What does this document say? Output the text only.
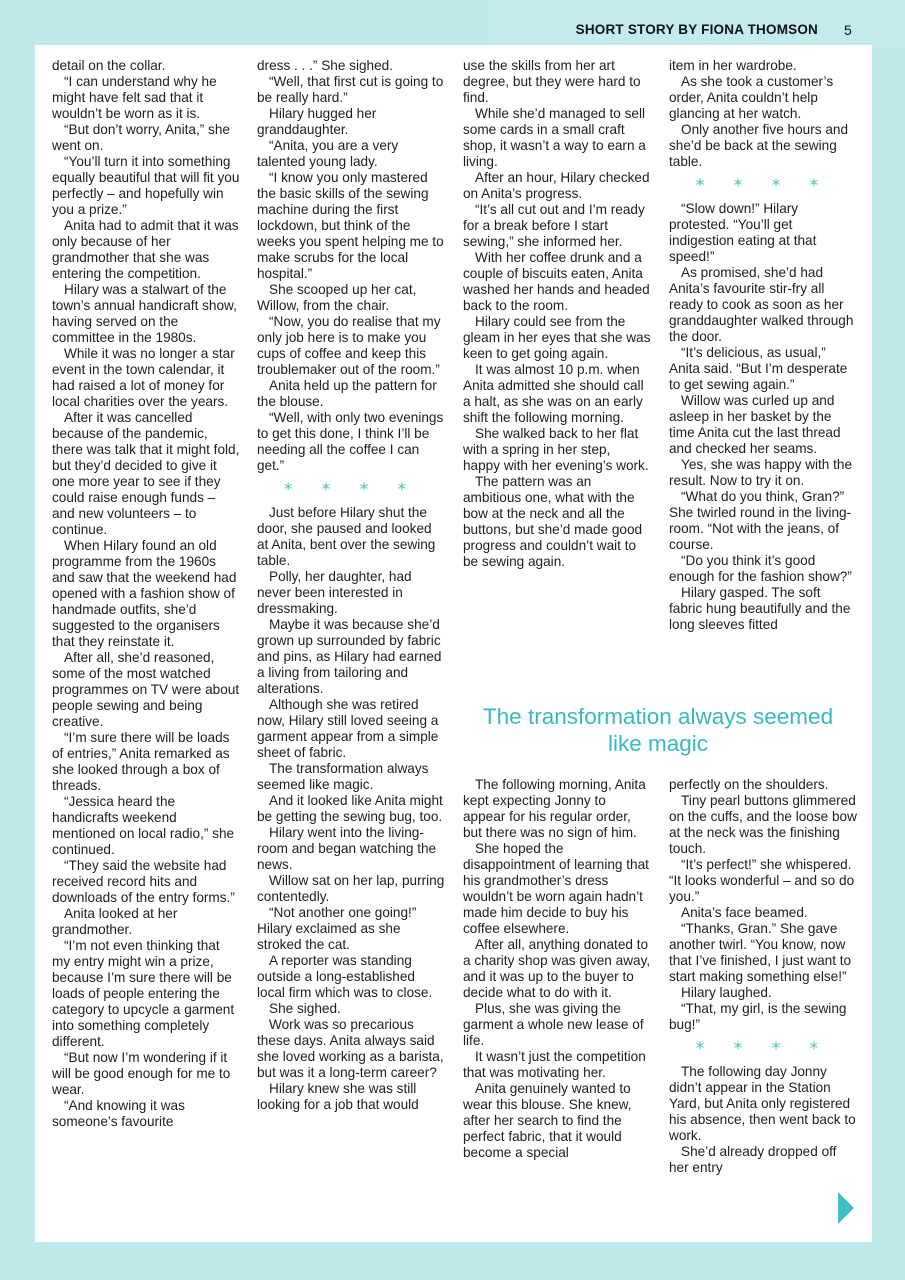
SHORT STORY BY FIONA THOMSON 5

detail on the collar.

“I can understand why he might have felt sad that it wouldn’t be worn as it is.

“But don’t worry, Anita,” she went on.

“You’ll turn it into something equally beautiful that will fit you perfectly – and hopefully win you a prize.”

Anita had to admit that it was only because of her grandmother that she was entering the competition.

Hilary was a stalwart of the town’s annual handicraft show, having served on the committee in the 1980s.

While it was no longer a star event in the town calendar, it had raised a lot of money for local charities over the years.

After it was cancelled because of the pandemic, there was talk that it might fold, but they’d decided to give it one more year to see if they could raise enough funds – and new volunteers – to continue.

When Hilary found an old programme from the 1960s and saw that the weekend had opened with a fashion show of handmade outfits, she’d suggested to the organisers that they reinstate it.

After all, she’d reasoned, some of the most watched programmes on TV were about people sewing and being creative.

“I’m sure there will be loads of entries,” Anita remarked as she looked through a box of threads.

“Jessica heard the handicrafts weekend mentioned on local radio,” she continued.

“They said the website had received record hits and downloads of the entry forms.”

Anita looked at her grandmother.

“I’m not even thinking that my entry might win a prize, because I’m sure there will be loads of people entering the category to upcycle a garment into something completely different.

“But now I’m wondering if it will be good enough for me to wear.

“And knowing it was someone’s favourite

dress . . .” She sighed.

“Well, that first cut is going to be really hard.”

Hilary hugged her granddaughter.

“Anita, you are a very talented young lady.

“I know you only mastered the basic skills of the sewing machine during the first lockdown, but think of the weeks you spent helping me to make scrubs for the local hospital.”

She scooped up her cat, Willow, from the chair.

“Now, you do realise that my only job here is to make you cups of coffee and keep this troublemaker out of the room.”

Anita held up the pattern for the blouse.

“Well, with only two evenings to get this done, I think I’ll be needing all the coffee I can get.”

* * * *

Just before Hilary shut the door, she paused and looked at Anita, bent over the sewing table.

Polly, her daughter, had never been interested in dressmaking.

Maybe it was because she’d grown up surrounded by fabric and pins, as Hilary had earned a living from tailoring and alterations.

Although she was retired now, Hilary still loved seeing a garment appear from a simple sheet of fabric.

The transformation always seemed like magic.

And it looked like Anita might be getting the sewing bug, too.

Hilary went into the living-room and began watching the news.

Willow sat on her lap, purring contentedly.

“Not another one going!” Hilary exclaimed as she stroked the cat.

A reporter was standing outside a long-established local firm which was to close.

She sighed.

Work was so precarious these days. Anita always said she loved working as a barista, but was it a long-term career?

Hilary knew she was still looking for a job that would

use the skills from her art degree, but they were hard to find.

While she’d managed to sell some cards in a small craft shop, it wasn’t a way to earn a living.

After an hour, Hilary checked on Anita’s progress.

“It’s all cut out and I’m ready for a break before I start sewing,” she informed her.

With her coffee drunk and a couple of biscuits eaten, Anita washed her hands and headed back to the room.

Hilary could see from the gleam in her eyes that she was keen to get going again.

It was almost 10 p.m. when Anita admitted she should call a halt, as she was on an early shift the following morning.

She walked back to her flat with a spring in her step, happy with her evening’s work.

The pattern was an ambitious one, what with the bow at the neck and all the buttons, but she’d made good progress and couldn’t wait to be sewing again.

item in her wardrobe.

As she took a customer’s order, Anita couldn’t help glancing at her watch.

Only another five hours and she’d be back at the sewing table.

* * * *

“Slow down!” Hilary protested. “You’ll get indigestion eating at that speed!”

As promised, she’d had Anita’s favourite stir-fry all ready to cook as soon as her granddaughter walked through the door.

“It’s delicious, as usual,” Anita said. “But I’m desperate to get sewing again.”

Willow was curled up and asleep in her basket by the time Anita cut the last thread and checked her seams.

Yes, she was happy with the result. Now to try it on.

“What do you think, Gran?” She twirled round in the living-room. “Not with the jeans, of course.

“Do you think it’s good enough for the fashion show?”

Hilary gasped. The soft fabric hung beautifully and the long sleeves fitted

The transformation always seemed like magic

The following morning, Anita kept expecting Jonny to appear for his regular order, but there was no sign of him.

She hoped the disappointment of learning that his grandmother’s dress wouldn’t be worn again hadn’t made him decide to buy his coffee elsewhere.

After all, anything donated to a charity shop was given away, and it was up to the buyer to decide what to do with it.

Plus, she was giving the garment a whole new lease of life.

It wasn’t just the competition that was motivating her.

Anita genuinely wanted to wear this blouse. She knew, after her search to find the perfect fabric, that it would become a special

perfectly on the shoulders.

Tiny pearl buttons glimmered on the cuffs, and the loose bow at the neck was the finishing touch.

“It’s perfect!” she whispered. “It looks wonderful – and so do you.”

Anita’s face beamed.

“Thanks, Gran.” She gave another twirl. “You know, now that I’ve finished, I just want to start making something else!”

Hilary laughed.

“That, my girl, is the sewing bug!”

* * * *

The following day Jonny didn’t appear in the Station Yard, but Anita only registered his absence, then went back to work.

She’d already dropped off her entry
